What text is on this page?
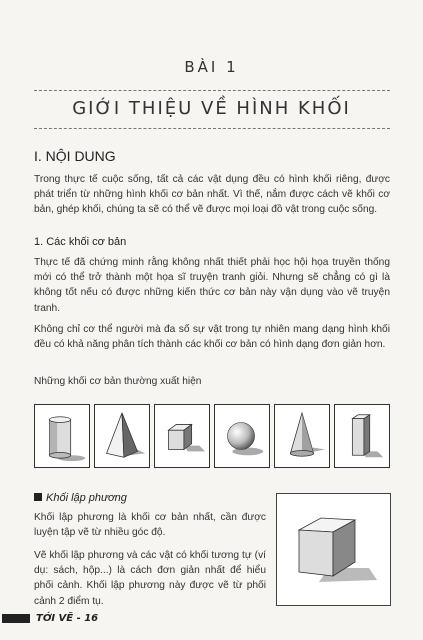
BÀI 1
GIỚI THIỆU VỀ HÌNH KHỐI
I. NỘI DUNG
Trong thực tế cuộc sống, tất cả các vật dụng đều có hình khối riêng, được phát triển từ những hình khối cơ bản nhất. Vì thế, nắm được cách vẽ khối cơ bản, ghép khối, chúng ta sẽ có thể vẽ được mọi loại đồ vật trong cuộc sống.
1. Các khối cơ bản
Thực tế đã chứng minh rằng không nhất thiết phải học hội họa truyền thống mới có thể trở thành một họa sĩ truyện tranh giỏi. Nhưng sẽ chẳng có gì là không tốt nếu có được những kiến thức cơ bản này vận dụng vào vẽ truyện tranh.
Không chỉ cơ thể người mà đa số sự vật trong tự nhiên mang dạng hình khối đều có khả năng phân tích thành các khối cơ bản có hình dạng đơn giản hơn.
Những khối cơ bản thường xuất hiện
Khối lập phương
Khối lập phương là khối cơ bản nhất, cần được luyện tập vẽ từ nhiều góc độ.
Vẽ khối lập phương và các vật có khối tương tự (ví dụ: sách, hộp...) là cách đơn giản nhất để hiểu phối cảnh. Khối lập phương này được vẽ từ phối cảnh 2 điểm tụ.
TỚI VẼ - 16
